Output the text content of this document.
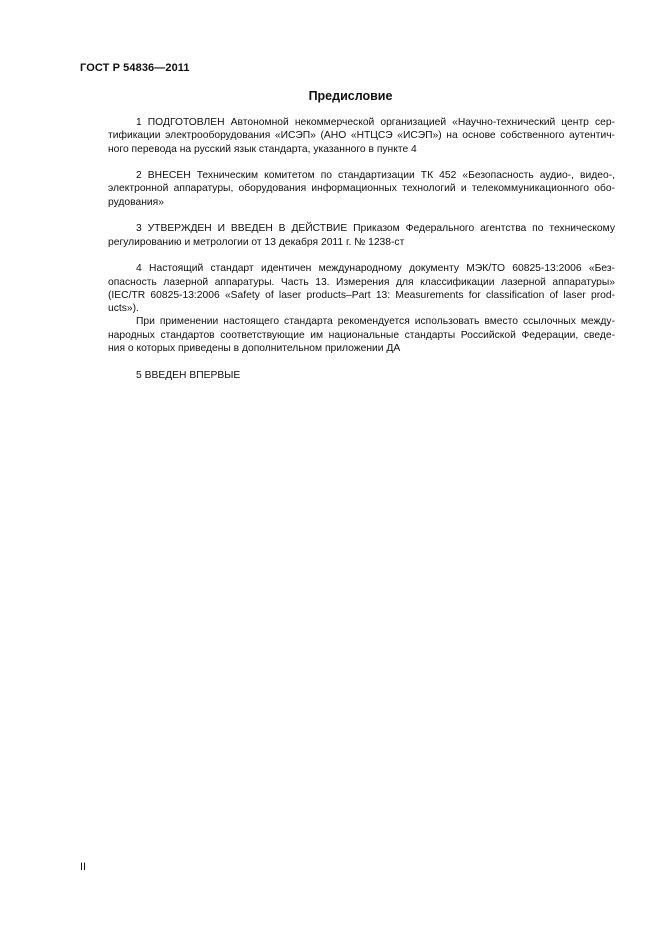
ГОСТ Р 54836—2011
Предисловие

1 ПОДГОТОВЛЕН Автономной некоммерческой организацией «Научно-технический центр сер-
тификации электрооборудования «ИСЭП» (АНО «НТЦСЭ «ИСЭП») на основе собственного аутентич-
ного перевода на русский язык стандарта, указанного в пункте 4

2 ВНЕСЕН Техническим комитетом по стандартизации ТК 452 «Безопасность аудио-, видео-,
электронной аппаратуры, оборудования информационных технологий и телекоммуникационного обо-
рудования»

3 УТВЕРЖДЕН И ВВЕДЕН В ДЕЙСТВИЕ Приказом Федерального агентства по техническому
регулированию и метрологии от 13 декабря 2011 г. № 1238-ст

4 Настоящий стандарт идентичен международному документу МЭК/ТО 60825-13:2006 «Без-
опасность лазерной аппаратуры. Часть 13. Измерения для классификации лазерной аппаратуры»
(IEC/TR 60825-13:2006 «Safety of laser products–Part 13: Measurements for classification of laser prod-
ucts»).

При применении настоящего стандарта рекомендуется использовать вместо ссылочных между-
народных стандартов соответствующие им национальные стандарты Российской Федерации, сведе-
ния о которых приведены в дополнительном приложении ДА

5 ВВЕДЕН ВПЕРВЫЕ

II
